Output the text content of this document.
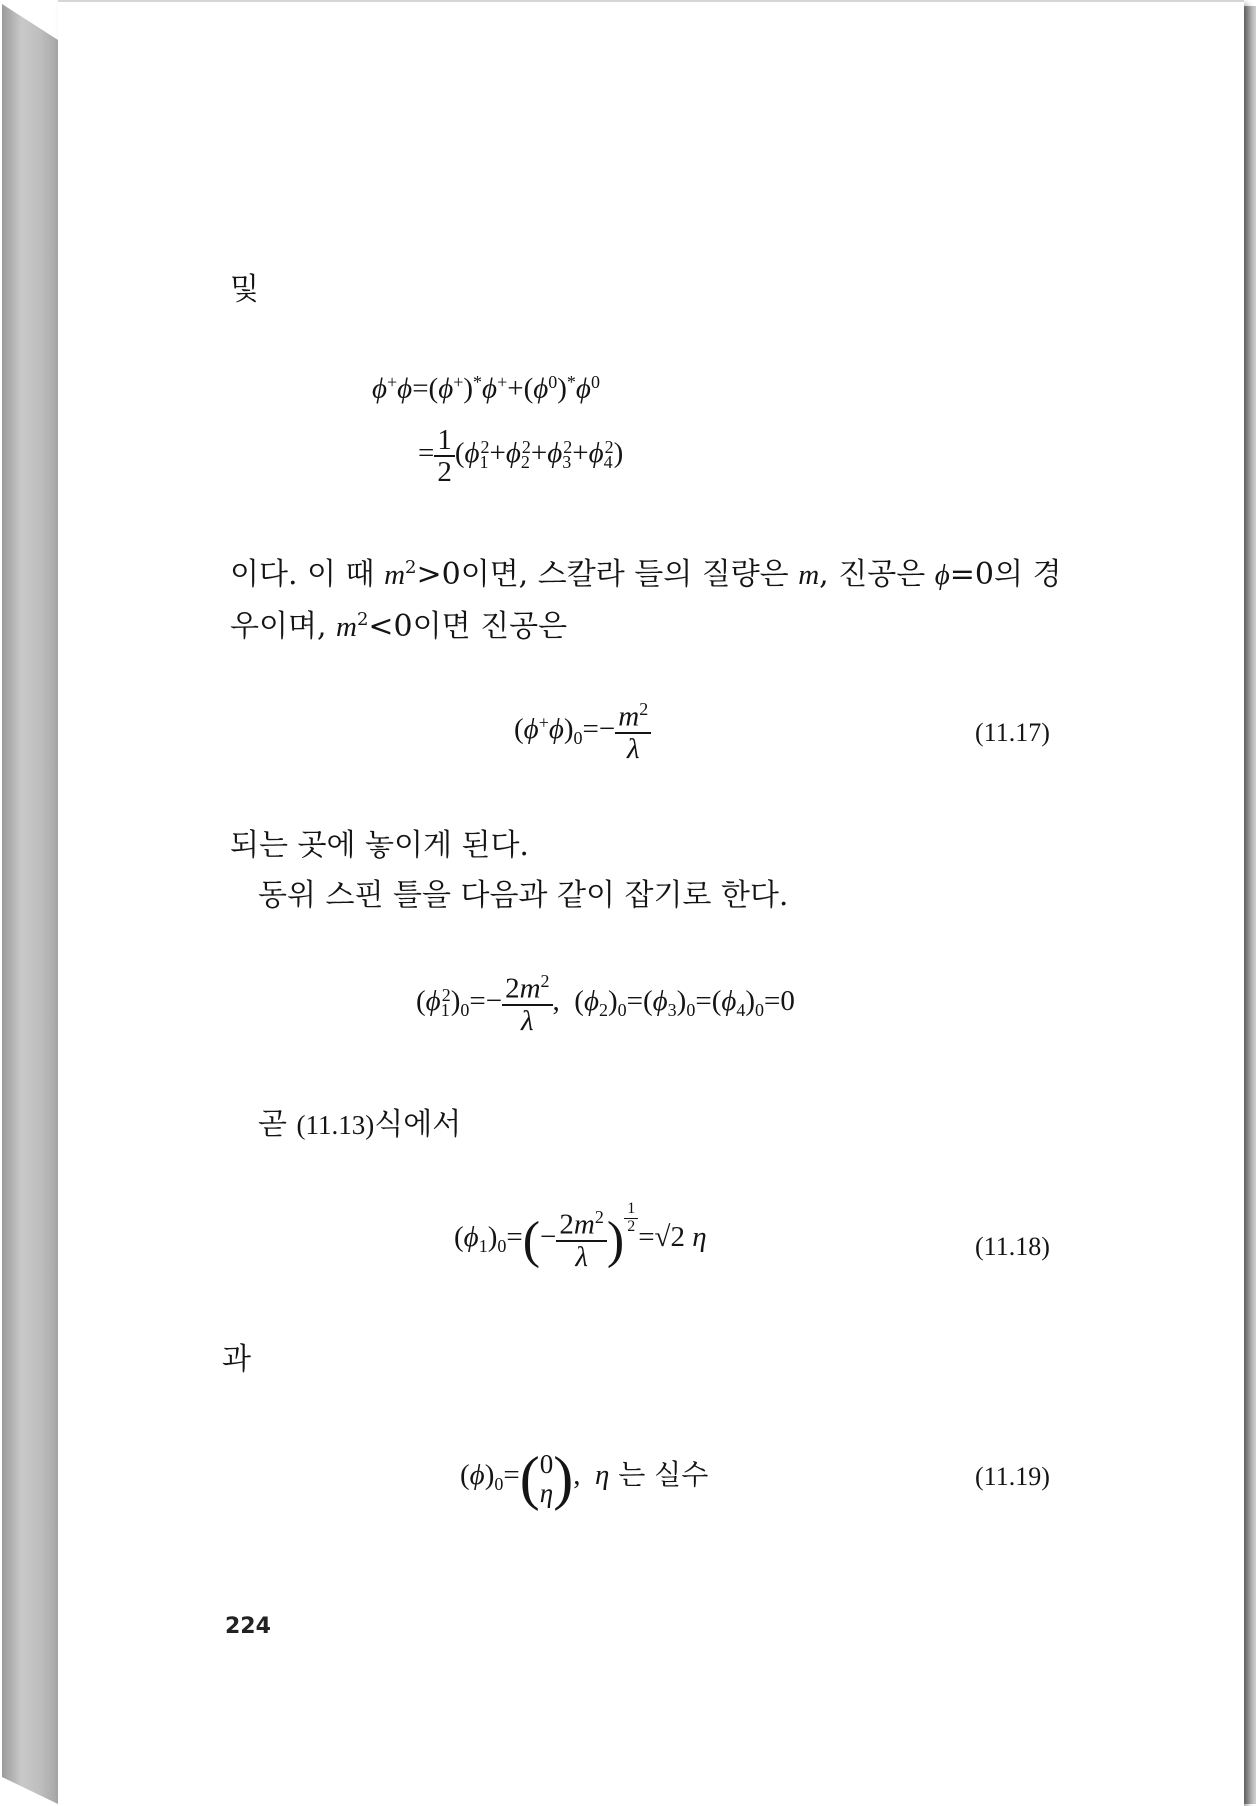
및
$\phi^+\phi=(\phi^+)^*\phi^++(\phi^0)^*\phi^0$
= $\frac{1}{2} (\phi_1^2+\phi_2^2+\phi_3^2+\phi_4^2)$
이다. 이 때 $m^2>0$이면, 스칼라 들의 질량은 m, 진공은 ϕ=0의 경
우이며, $m^2<0$이면 진공은
$(\phi^+\phi)_0=- \frac{m^2}{\lambda}$	(11.17)
되는 곳에 놓이게 된다.
동위 스핀 틀을 다음과 같이 잡기로 한다.
$(\phi_1^2)_0=- \frac{2m^2}{\lambda}$ ,  $(\phi_2)_0=(\phi_3)_0=(\phi_4)_0=0$
곧 (11.13)식에서
$(\phi_1)_0=(- \frac{2m^2}{\lambda}$ ) $^{\frac{1}{2}}$
=√2 η	(11.18)
과
$(\phi)_0=$( 0
η ),  η 는 실수	(11.19)
224
